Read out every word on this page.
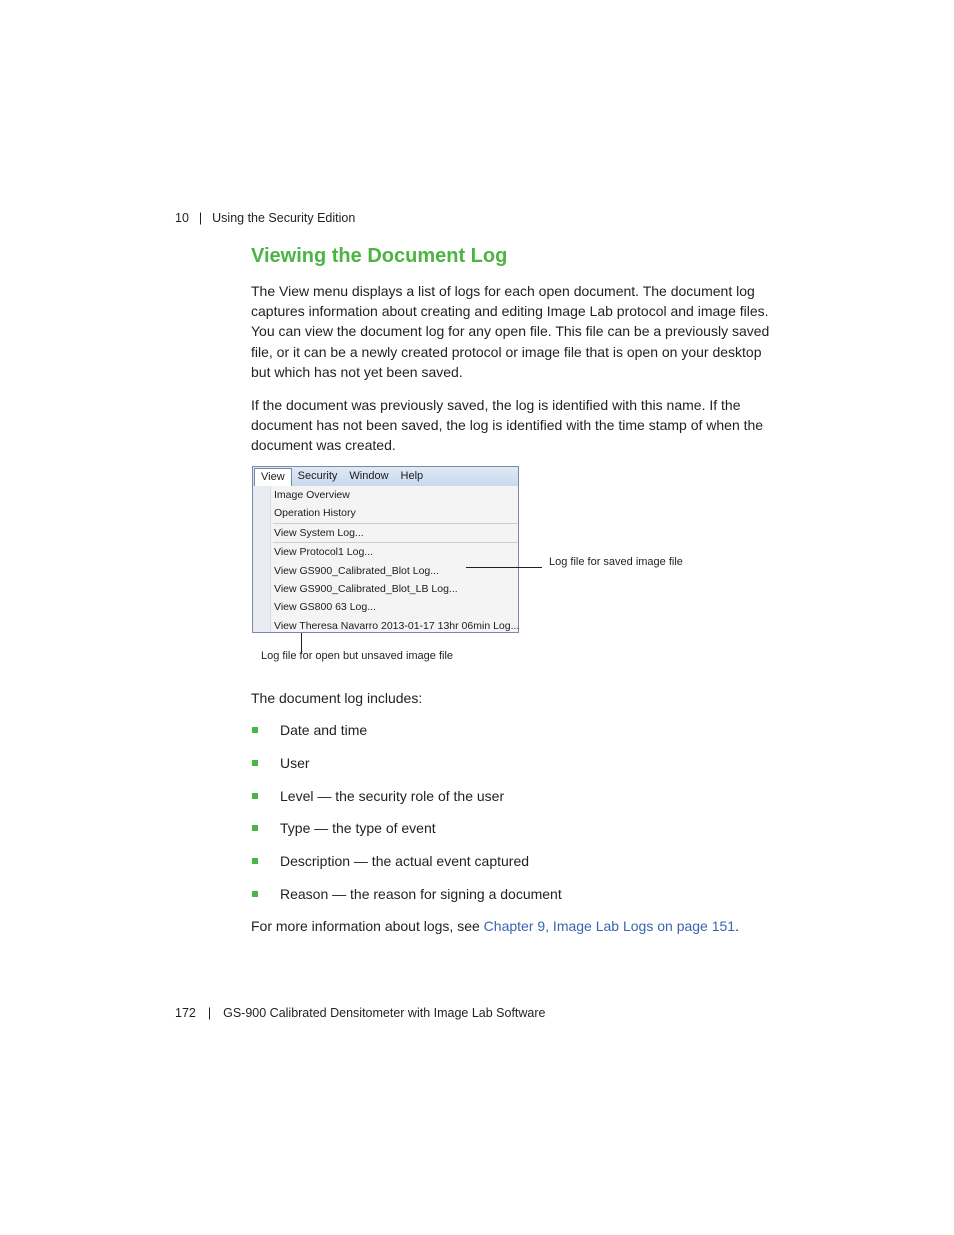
10 | Using the Security Edition
Viewing the Document Log

The View menu displays a list of logs for each open document. The document log captures information about creating and editing Image Lab protocol and image files. You can view the document log for any open file. This file can be a previously saved file, or it can be a newly created protocol or image file that is open on your desktop but which has not yet been saved.

If the document was previously saved, the log is identified with this name. If the document has not been saved, the log is identified with the time stamp of when the document was created.

View	Security	Window	Help
Image Overview
Operation History
View System Log...
View Protocol1 Log...
View GS900_Calibrated_Blot Log...
View GS900_Calibrated_Blot_LB Log...
View GS800 63 Log...
View Theresa Navarro 2013-01-17 13hr 06min Log...
Log file for saved image file
Log file for open but unsaved image file

The document log includes:

Date and time
User
Level — the security role of the user
Type — the type of event
Description — the actual event captured
Reason — the reason for signing a document

For more information about logs, see Chapter 9, Image Lab Logs on page 151.

172 | GS-900 Calibrated Densitometer with Image Lab Software
